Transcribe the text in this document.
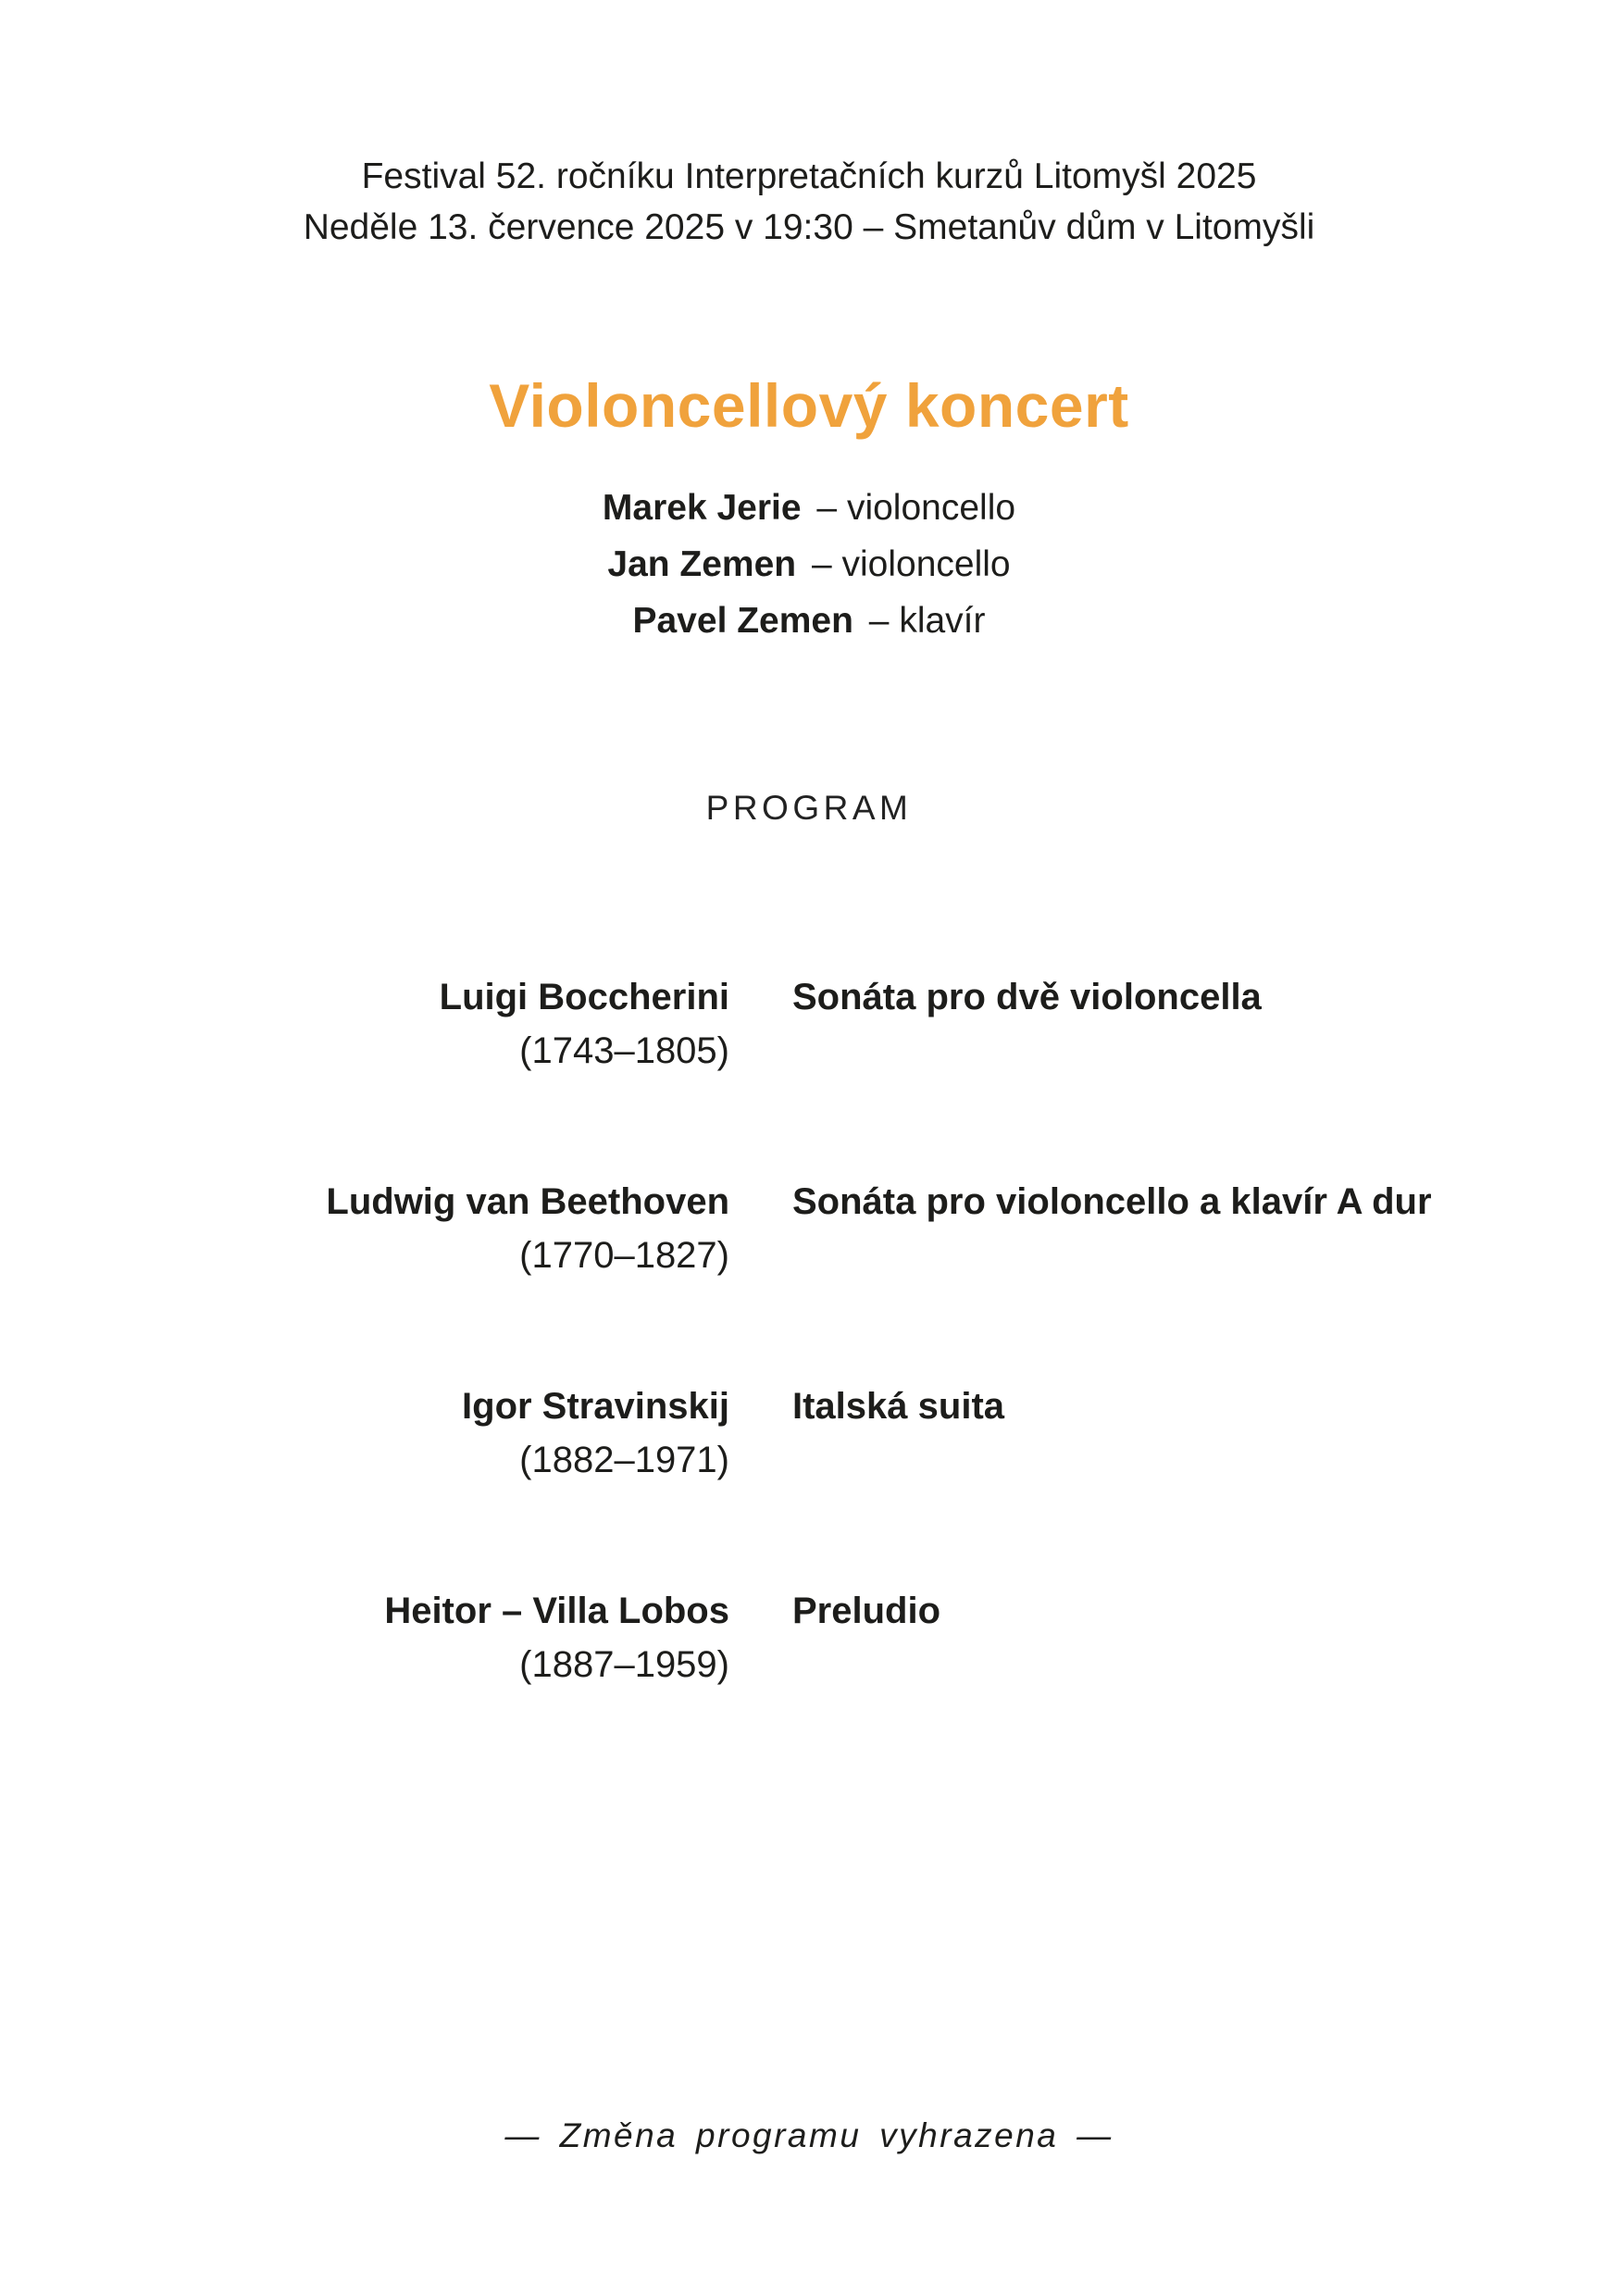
Festival 52. ročníku Interpretačních kurzů Litomyšl 2025
Neděle 13. července 2025 v 19:30 – Smetanův dům v Litomyšli
Violoncellový koncert
Marek Jerie – violoncello
Jan Zemen – violoncello
Pavel Zemen – klavír
PROGRAM
Luigi Boccherini
(1743–1805)
Sonáta pro dvě violoncella
Ludwig van Beethoven
(1770–1827)
Sonáta pro violoncello a klavír A dur
Igor Stravinskij
(1882–1971)
Italská suita
Heitor – Villa Lobos
(1887–1959)
Preludio
— Změna programu vyhrazena —
